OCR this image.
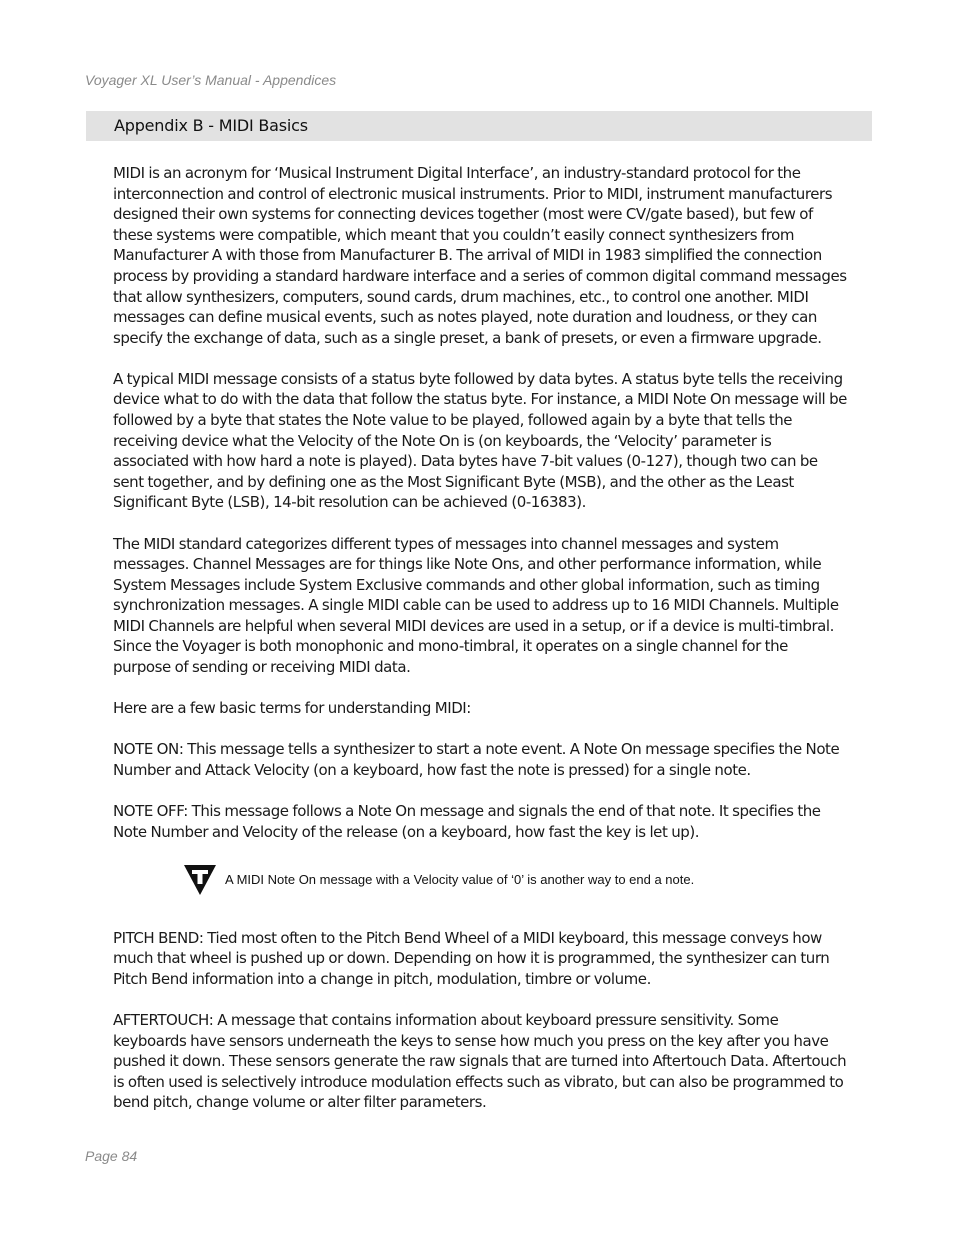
Voyager XL User’s Manual - Appendices
Appendix B - MIDI Basics

MIDI is an acronym for ‘Musical Instrument Digital Interface’, an industry-standard protocol for the interconnection and control of electronic musical instruments. Prior to MIDI, instrument manufacturers designed their own systems for connecting devices together (most were CV/gate based), but few of these systems were compatible, which meant that you couldn’t easily connect synthesizers from Manufacturer A with those from Manufacturer B. The arrival of MIDI in 1983 simplified the connection process by providing a standard hardware interface and a series of common digital command messages that allow synthesizers, computers, sound cards, drum machines, etc., to control one another. MIDI messages can define musical events, such as notes played, note duration and loudness, or they can specify the exchange of data, such as a single preset, a bank of presets, or even a firmware upgrade.

A typical MIDI message consists of a status byte followed by data bytes. A status byte tells the receiving device what to do with the data that follow the status byte. For instance, a MIDI Note On message will be followed by a byte that states the Note value to be played, followed again by a byte that tells the receiving device what the Velocity of the Note On is (on keyboards, the ‘Velocity’ parameter is associated with how hard a note is played). Data bytes have 7-bit values (0-127), though two can be sent together, and by defining one as the Most Significant Byte (MSB), and the other as the Least Significant Byte (LSB), 14-bit resolution can be achieved (0-16383).

The MIDI standard categorizes different types of messages into channel messages and system messages. Channel Messages are for things like Note Ons, and other performance information, while System Messages include System Exclusive commands and other global information, such as timing synchronization messages. A single MIDI cable can be used to address up to 16 MIDI Channels. Multiple MIDI Channels are helpful when several MIDI devices are used in a setup, or if a device is multi-timbral. Since the Voyager is both monophonic and mono-timbral, it operates on a single channel for the purpose of sending or receiving MIDI data.

Here are a few basic terms for understanding MIDI:

NOTE ON: This message tells a synthesizer to start a note event. A Note On message specifies the Note Number and Attack Velocity (on a keyboard, how fast the note is pressed) for a single note.

NOTE OFF: This message follows a Note On message and signals the end of that note. It specifies the Note Number and Velocity of the release (on a keyboard, how fast the key is let up).

A MIDI Note On message with a Velocity value of ‘0’ is another way to end a note.

PITCH BEND: Tied most often to the Pitch Bend Wheel of a MIDI keyboard, this message conveys how much that wheel is pushed up or down. Depending on how it is programmed, the synthesizer can turn Pitch Bend information into a change in pitch, modulation, timbre or volume.

AFTERTOUCH: A message that contains information about keyboard pressure sensitivity. Some keyboards have sensors underneath the keys to sense how much you press on the key after you have pushed it down. These sensors generate the raw signals that are turned into Aftertouch Data. Aftertouch is often used is selectively introduce modulation effects such as vibrato, but can also be programmed to bend pitch, change volume or alter filter parameters.

Page 84
